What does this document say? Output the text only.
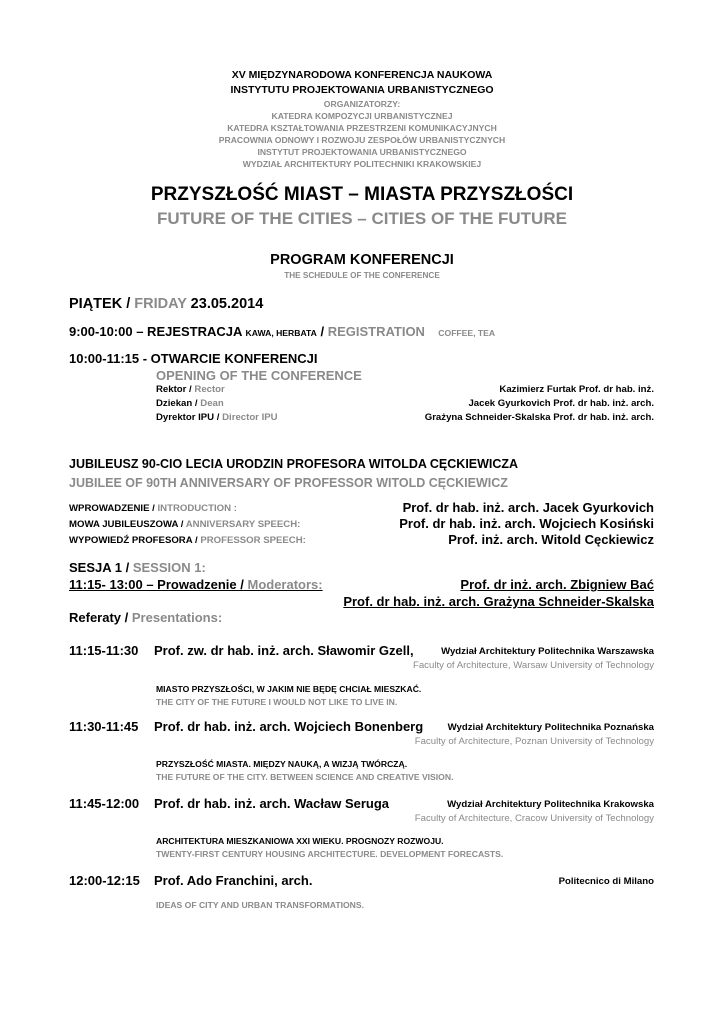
XV MIĘDZYNARODOWA KONFERENCJA NAUKOWA
INSTYTUTU PROJEKTOWANIA URBANISTYCZNEGO
ORGANIZATORZY:
KATEDRA KOMPOZYCJI URBANISTYCZNEJ
KATEDRA KSZTAŁTOWANIA PRZESTRZENI KOMUNIKACYJNYCH
PRACOWNIA ODNOWY I ROZWOJU ZESPOŁÓW URBANISTYCZNYCH
INSTYTUT PROJEKTOWANIA URBANISTYCZNEGO
WYDZIAŁ ARCHITEKTURY POLITECHNIKI KRAKOWSKIEJ
PRZYSZŁOŚĆ MIAST – MIASTA PRZYSZŁOŚCI
FUTURE OF THE CITIES – CITIES OF THE FUTURE
PROGRAM KONFERENCJI
THE SCHEDULE OF THE CONFERENCE
PIĄTEK / FRIDAY 23.05.2014
9:00-10:00 – REJESTRACJA KAWA, HERBATA / REGISTRATION COFFEE, TEA
10:00-11:15 - OTWARCIE KONFERENCJI
OPENING OF THE CONFERENCE
Rektor / Rector	Kazimierz Furtak Prof. dr hab. inż.
Dziekan / Dean	Jacek Gyurkovich Prof. dr hab. inż. arch.
Dyrektor IPU / Director IPU	Grażyna Schneider-Skalska Prof. dr hab. inż. arch.
JUBILEUSZ 90-CIO LECIA URODZIN PROFESORA WITOLDA CĘCKIEWICZA
JUBILEE OF 90TH ANNIVERSARY OF PROFESSOR WITOLD CĘCKIEWICZ
WPROWADZENIE / INTRODUCTION :	Prof. dr hab. inż. arch. Jacek Gyurkovich
MOWA JUBILEUSZOWA / ANNIVERSARY SPEECH:	Prof. dr hab. inż. arch. Wojciech Kosiński
WYPOWIEDŹ PROFESORA / PROFESSOR SPEECH:	Prof. inż. arch. Witold Cęckiewicz
SESJA 1 / SESSION 1:
11:15- 13:00 – Prowadzenie / Moderators:	Prof. dr inż. arch. Zbigniew Bać
Prof. dr hab. inż. arch. Grażyna Schneider-Skalska
Referaty / Presentations:
11:15-11:30 Prof. zw. dr hab. inż. arch. Sławomir Gzell,	Wydział Architektury Politechnika Warszawska
Faculty of Architecture, Warsaw University of Technology
MIASTO PRZYSZŁOŚCI, W JAKIM NIE BĘDĘ CHCIAŁ MIESZKAĆ.
THE CITY OF THE FUTURE I WOULD NOT LIKE TO LIVE IN.
11:30-11:45 Prof. dr hab. inż. arch. Wojciech Bonenberg	Wydział Architektury Politechnika Poznańska
Faculty of Architecture, Poznan University of Technology
PRZYSZŁOŚĆ MIASTA. MIĘDZY NAUKĄ, A WIZJĄ TWÓRCZĄ.
THE FUTURE OF THE CITY. BETWEEN SCIENCE AND CREATIVE VISION.
11:45-12:00 Prof. dr hab. inż. arch. Wacław Seruga	Wydział Architektury Politechnika Krakowska
Faculty of Architecture, Cracow University of Technology
ARCHITEKTURA MIESZKANIOWA XXI WIEKU. PROGNOZY ROZWOJU.
TWENTY-FIRST CENTURY HOUSING ARCHITECTURE. DEVELOPMENT FORECASTS.
12:00-12:15 Prof. Ado Franchini, arch.	Politecnico di Milano
IDEAS OF CITY AND URBAN TRANSFORMATIONS.
